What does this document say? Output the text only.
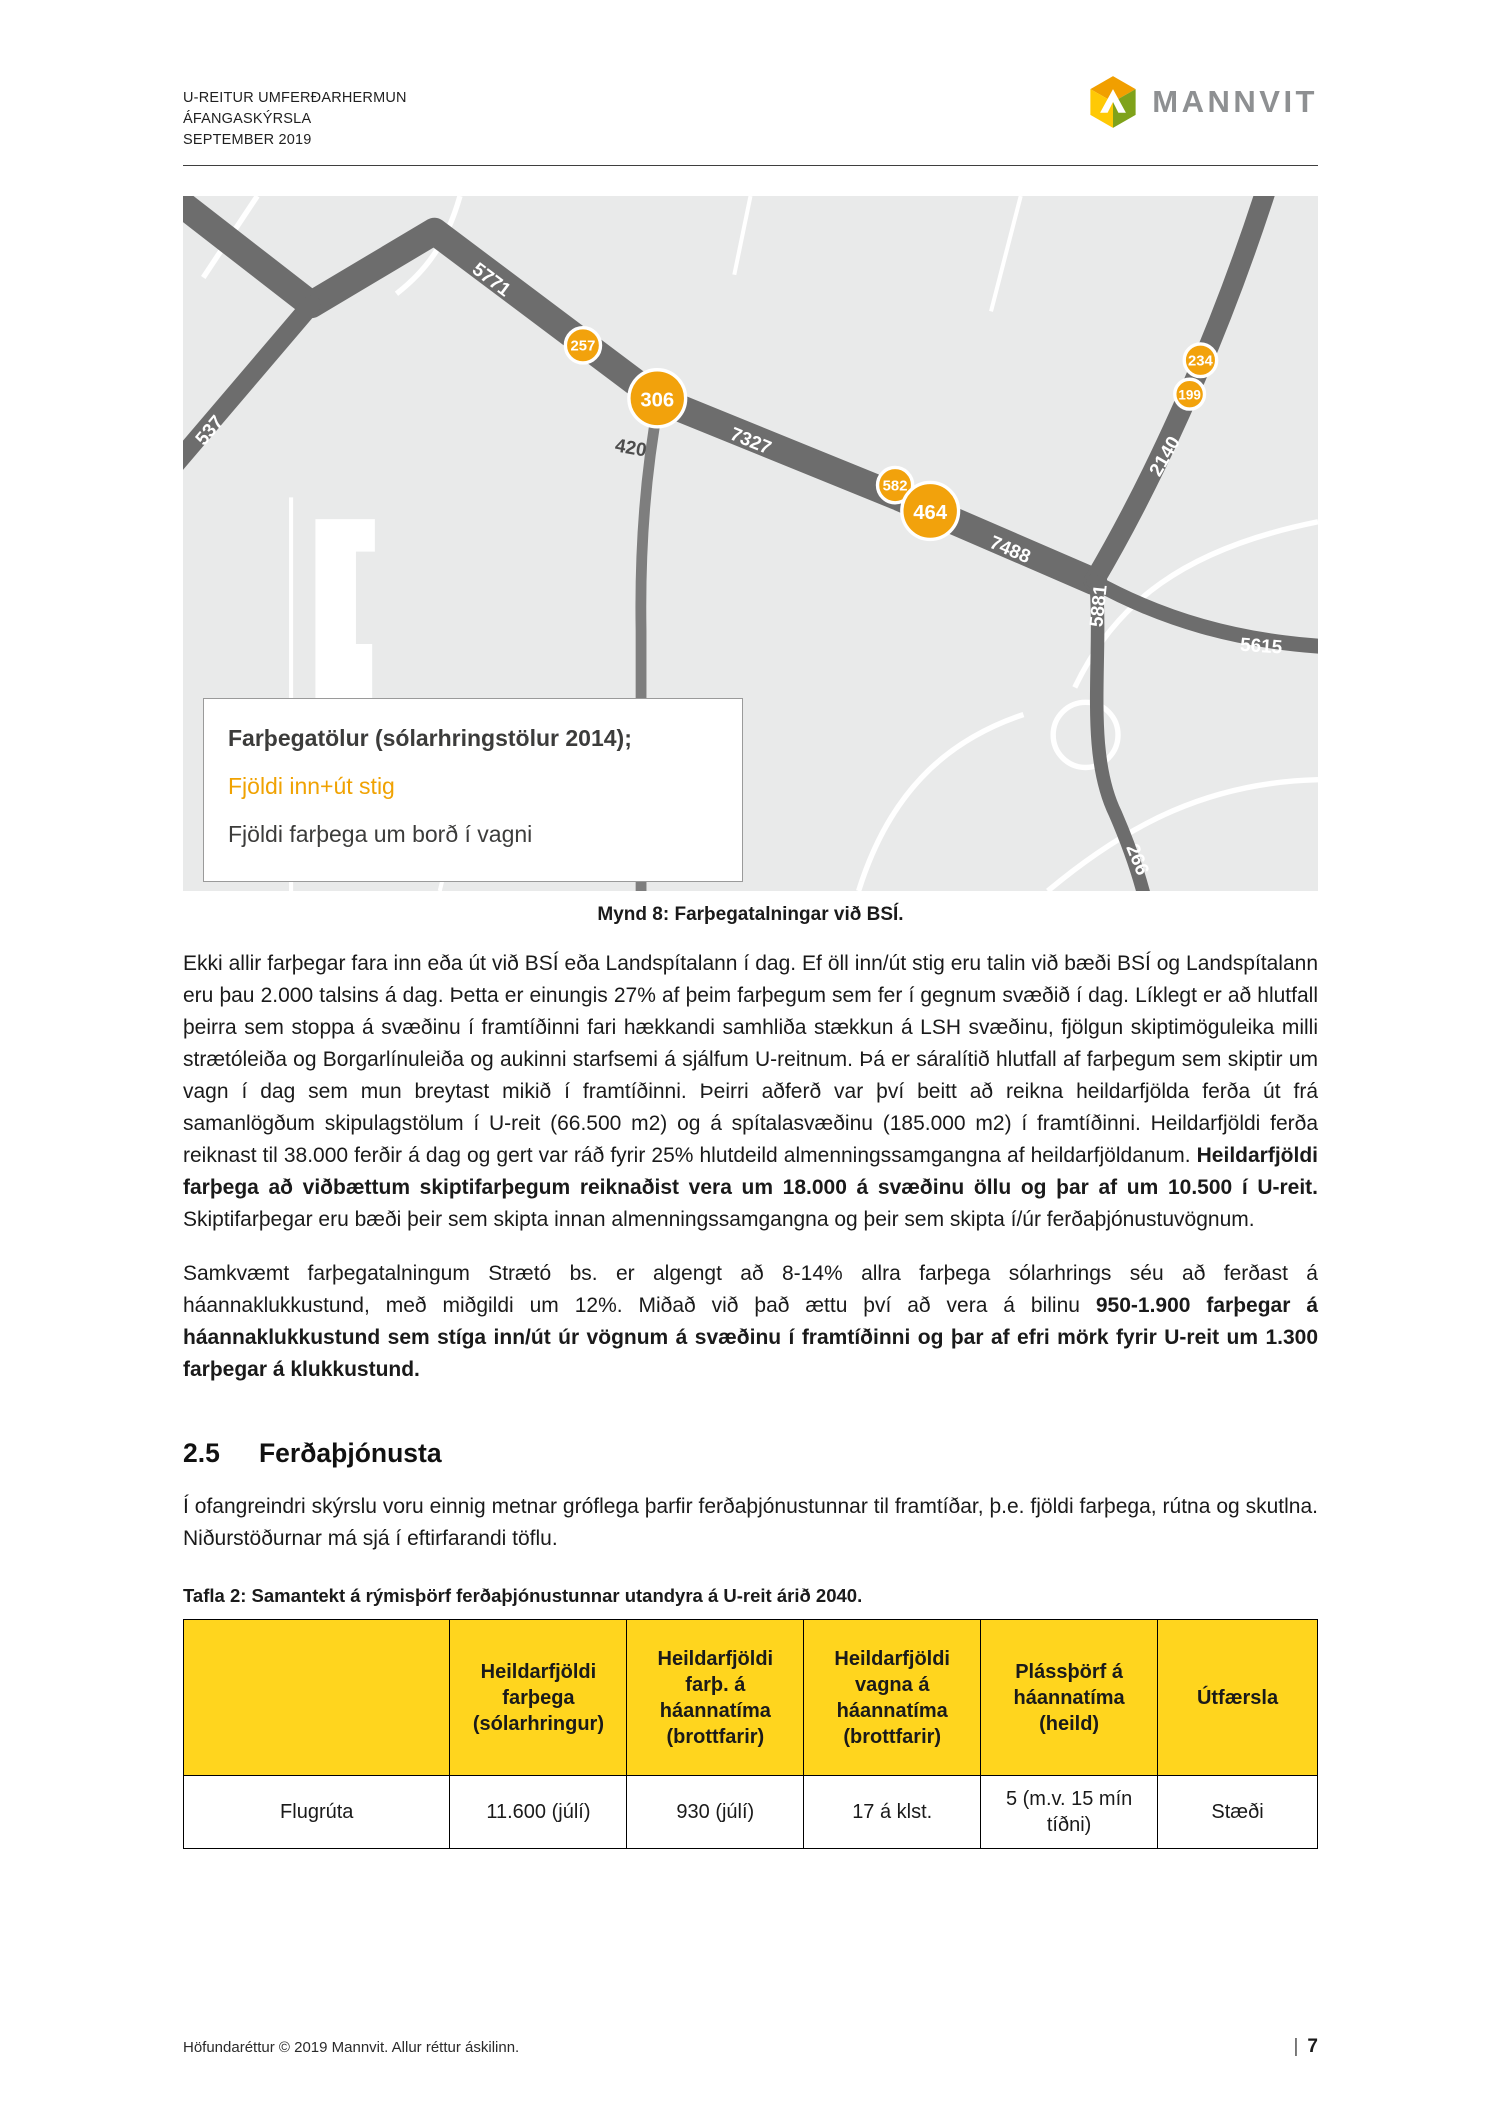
U-REITUR UMFERÐARHERMUN
ÁFANGASKÝRSLA
SEPTEMBER 2019
MANNVIT
5771
537	420	7327
7488
2140
5881
5615
266
257
306
582
464
234
199
Farþegatölur (sólarhringstölur 2014);
Fjöldi inn+út stig
Fjöldi farþega um borð í vagni
Mynd 8: Farþegatalningar við BSÍ.

Ekki allir farþegar fara inn eða út við BSÍ eða Landspítalann í dag. Ef öll inn/út stig eru talin við bæði BSÍ og Landspítalann eru þau 2.000 talsins á dag. Þetta er einungis 27% af þeim farþegum sem fer í gegnum svæðið í dag. Líklegt er að hlutfall þeirra sem stoppa á svæðinu í framtíðinni fari hækkandi samhliða stækkun á LSH svæðinu, fjölgun skiptimöguleika milli strætóleiða og Borgarlínuleiða og aukinni starfsemi á sjálfum U-reitnum. Þá er sáralítið hlutfall af farþegum sem skiptir um vagn í dag sem mun breytast mikið í framtíðinni. Þeirri aðferð var því beitt að reikna heildarfjölda ferða út frá samanlögðum skipulagstölum í U-reit (66.500 m2) og á spítalasvæðinu (185.000 m2) í framtíðinni. Heildarfjöldi ferða reiknast til 38.000 ferðir á dag og gert var ráð fyrir 25% hlutdeild almenningssamgangna af heildarfjöldanum. Heildarfjöldi farþega að viðbættum skiptifarþegum reiknaðist vera um 18.000 á svæðinu öllu og þar af um 10.500 í U-reit. Skiptifarþegar eru bæði þeir sem skipta innan almenningssamgangna og þeir sem skipta í/úr ferðaþjónustuvögnum.

Samkvæmt farþegatalningum Strætó bs. er algengt að 8-14% allra farþega sólarhrings séu að ferðast á háannaklukkustund, með miðgildi um 12%. Miðað við það ættu því að vera á bilinu 950-1.900 farþegar á háannaklukkustund sem stíga inn/út úr vögnum á svæðinu í framtíðinni og þar af efri mörk fyrir U-reit um 1.300 farþegar á klukkustund.

2.5 Ferðaþjónusta

Í ofangreindri skýrslu voru einnig metnar gróflega þarfir ferðaþjónustunnar til framtíðar, þ.e. fjöldi farþega, rútna og skutlna. Niðurstöðurnar má sjá í eftirfarandi töflu.

Tafla 2: Samantekt á rýmisþörf ferðaþjónustunnar utandyra á U-reit árið 2040.

	Heildarfjöldi farþega (sólarhringur)	Heildarfjöldi farþ. á háannatíma (brottfarir)	Heildarfjöldi vagna á háannatíma (brottfarir)	Plássþörf á háannatíma (heild)	Útfærsla
Flugrúta	11.600 (júlí)	930 (júlí)	17 á klst.	5 (m.v. 15 mín tíðni)	Stæði
Höfundaréttur © 2019 Mannvit. Allur réttur áskilinn.	| 7
